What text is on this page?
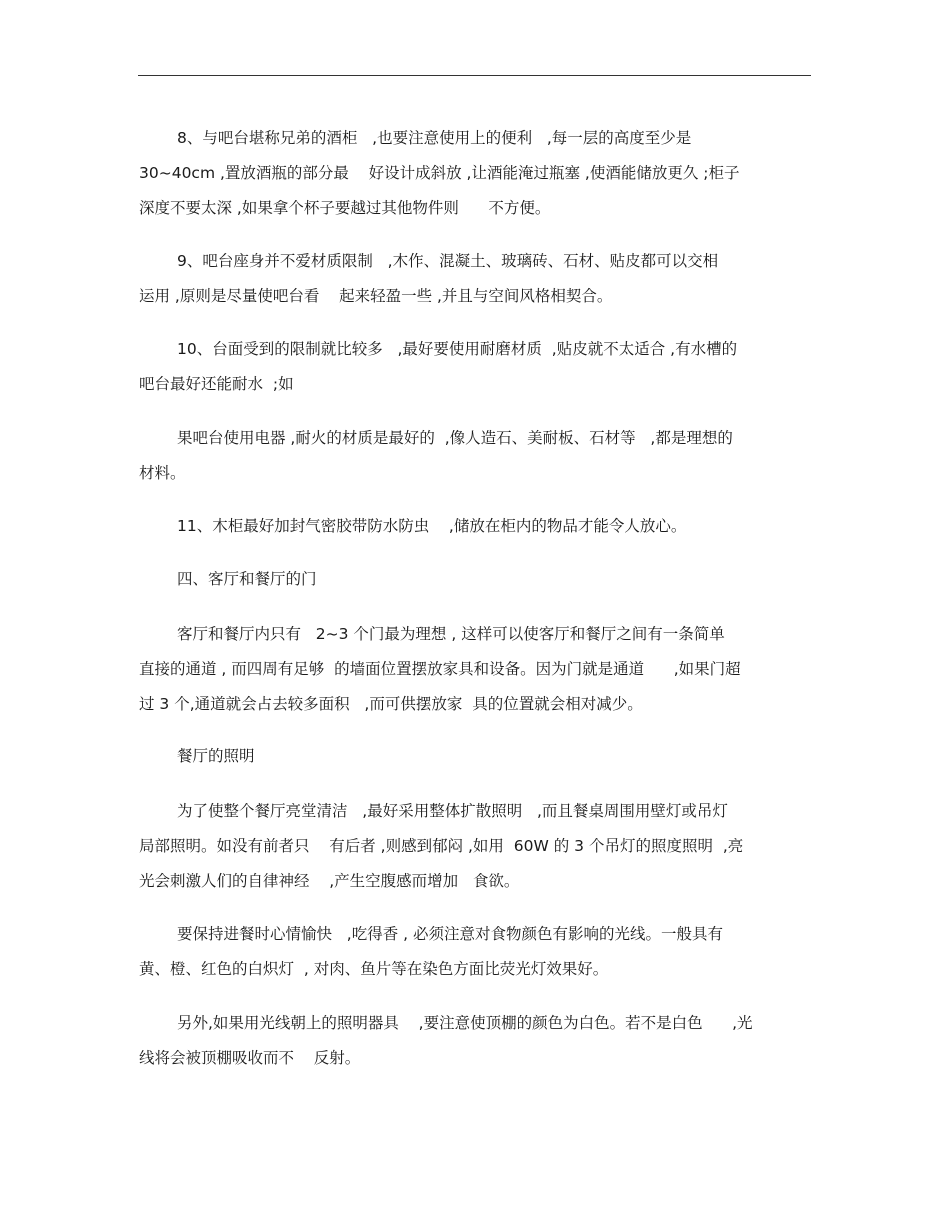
8、与吧台堪称兄弟的酒柜   ,也要注意使用上的便利   ,每一层的高度至少是
30~40cm ,置放酒瓶的部分最    好设计成斜放 ,让酒能淹过瓶塞 ,使酒能储放更久 ;柜子
深度不要太深 ,如果拿个杯子要越过其他物件则      不方便。
9、吧台座身并不爱材质限制   ,木作、混凝土、玻璃砖、石材、贴皮都可以交相
运用 ,原则是尽量使吧台看    起来轻盈一些 ,并且与空间风格相契合。
10、台面受到的限制就比较多   ,最好要使用耐磨材质  ,贴皮就不太适合 ,有水槽的
吧台最好还能耐水  ;如
果吧台使用电器 ,耐火的材质是最好的  ,像人造石、美耐板、石材等   ,都是理想的
材料。
11、木柜最好加封气密胶带防水防虫    ,储放在柜内的物品才能令人放心。
四、客厅和餐厅的门
客厅和餐厅内只有   2~3 个门最为理想 , 这样可以使客厅和餐厅之间有一条简单
直接的通道 , 而四周有足够  的墙面位置摆放家具和设备。因为门就是通道      ,如果门超
过 3 个,通道就会占去较多面积   ,而可供摆放家  具的位置就会相对减少。
餐厅的照明
为了使整个餐厅亮堂清洁   ,最好采用整体扩散照明   ,而且餐桌周围用壁灯或吊灯
局部照明。如没有前者只    有后者 ,则感到郁闷 ,如用  60W 的 3 个吊灯的照度照明  ,亮
光会刺激人们的自律神经    ,产生空腹感而增加   食欲。
要保持进餐时心情愉快   ,吃得香 , 必须注意对食物颜色有影响的光线。一般具有
黄、橙、红色的白炽灯  , 对肉、鱼片等在染色方面比荧光灯效果好。
另外,如果用光线朝上的照明器具    ,要注意使顶棚的颜色为白色。若不是白色      ,光
线将会被顶棚吸收而不    反射。
